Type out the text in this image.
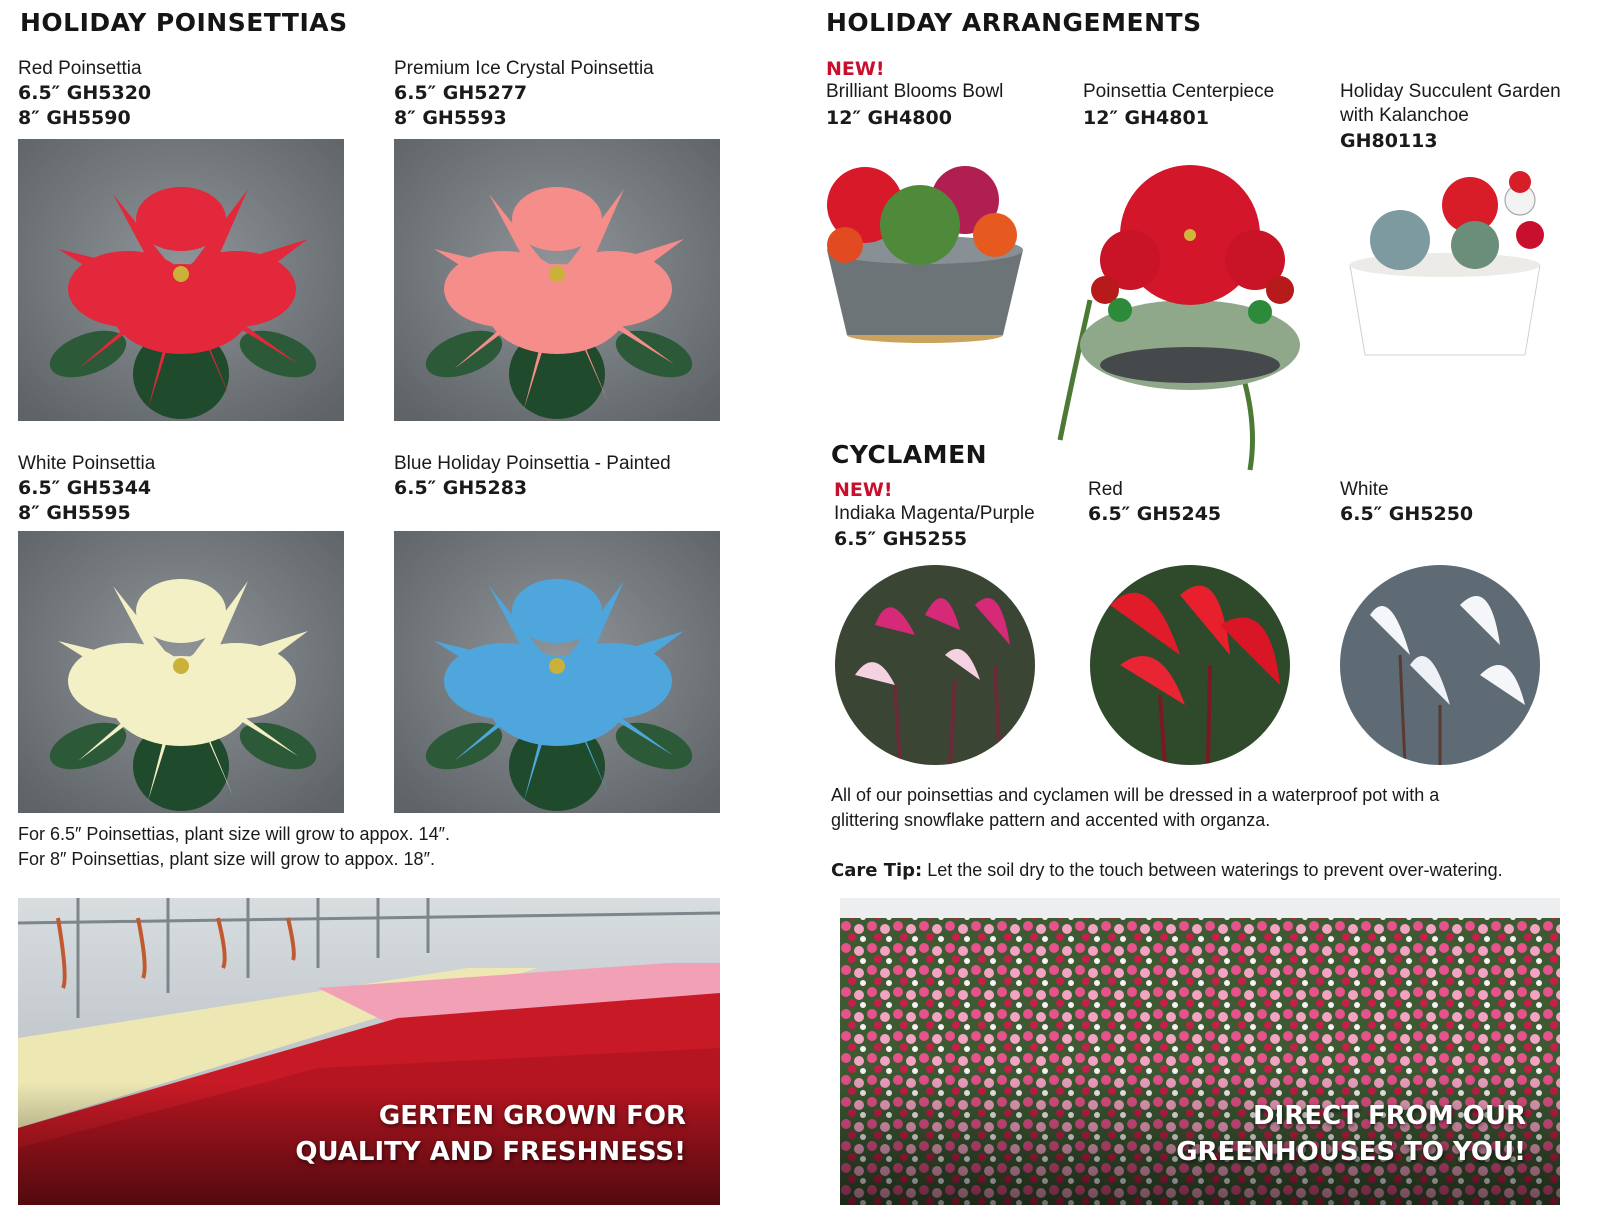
HOLIDAY POINSETTIAS
Red Poinsettia
6.5″ GH5320
8″ GH5590
Premium Ice Crystal Poinsettia
6.5″ GH5277
8″ GH5593
White Poinsettia
6.5″ GH5344
8″ GH5595
Blue Holiday Poinsettia - Painted
6.5″ GH5283
For 6.5″ Poinsettias, plant size will grow to appox. 14″.
For 8″ Poinsettias, plant size will grow to appox. 18″.
GERTEN GROWN FOR
QUALITY AND FRESHNESS!
HOLIDAY ARRANGEMENTS
NEW!
Brilliant Blooms Bowl
12″ GH4800
Poinsettia Centerpiece
12″ GH4801
Holiday Succulent Garden
with Kalanchoe
GH80113
CYCLAMEN
NEW!
Indiaka Magenta/Purple
6.5″ GH5255
Red
6.5″ GH5245
White
6.5″ GH5250
All of our poinsettias and cyclamen will be dressed in a waterproof pot with a
glittering snowflake pattern and accented with organza.
Care Tip: Let the soil dry to the touch between waterings to prevent over-watering.
DIRECT FROM OUR
GREENHOUSES TO YOU!
